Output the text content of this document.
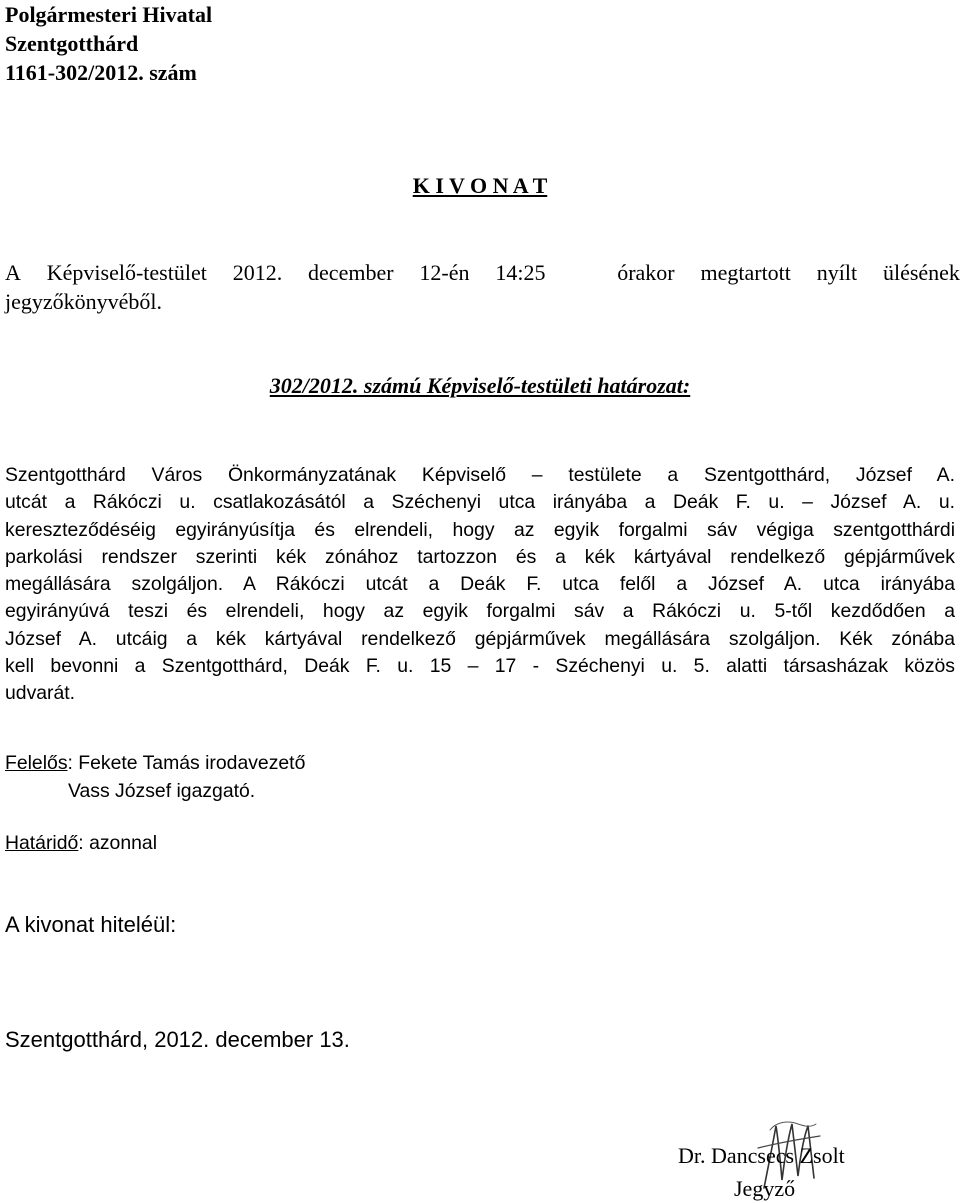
Polgármesteri Hivatal
Szentgotthárd
1161-302/2012. szám
K I V O N A T
A Képviselő-testület 2012. december 12-én 14:25	órakor megtartott nyílt ülésének
jegyzőkönyvéből.
302/2012. számú Képviselő-testületi határozat:
Szentgotthárd Város Önkormányzatának Képviselő – testülete a Szentgotthárd, József A.
utcát a Rákóczi u. csatlakozásától a Széchenyi utca irányába a Deák F. u. – József A. u.
kereszteződéséig egyirányúsítja és elrendeli, hogy az egyik forgalmi sáv végiga szentgotthárdi
parkolási rendszer szerinti kék zónához tartozzon és a kék kártyával rendelkező gépjárművek
megállására szolgáljon. A Rákóczi utcát a Deák F. utca felől a József A. utca irányába
egyirányúvá teszi és elrendeli, hogy az egyik forgalmi sáv a Rákóczi u. 5-től kezdődően a
József A. utcáig a kék kártyával rendelkező gépjárművek megállására szolgáljon. Kék zónába
kell bevonni a Szentgotthárd, Deák F. u. 15 – 17 - Széchenyi u. 5. alatti társasházak közös
udvarát.
Felelős: Fekete Tamás irodavezető
Vass József igazgató.
Határidő: azonnal
A kivonat hiteléül:
Szentgotthárd, 2012. december 13.
Dr. Dancsecs Zsolt
Jegyző
